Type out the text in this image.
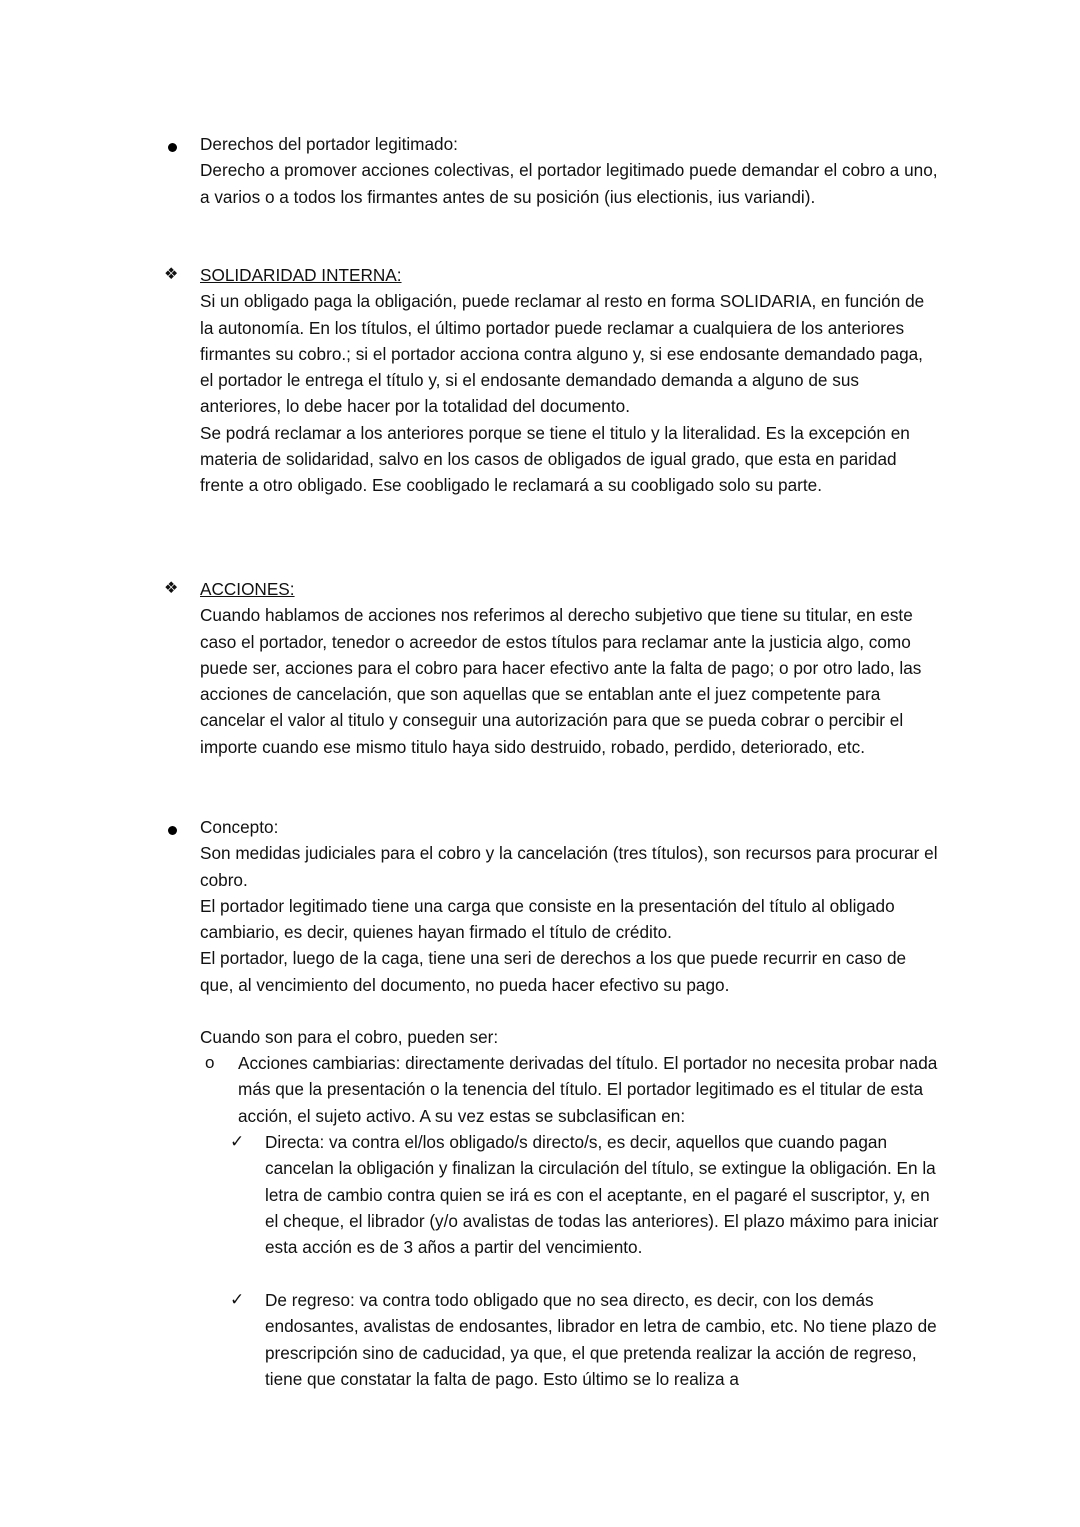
Derechos del portador legitimado:

Derecho a promover acciones colectivas, el portador legitimado puede demandar el cobro a uno, a varios o a todos los firmantes antes de su posición (ius electionis, ius variandi).

❖ SOLIDARIDAD INTERNA:

Si un obligado paga la obligación, puede reclamar al resto en forma SOLIDARIA, en función de la autonomía. En los títulos, el último portador puede reclamar a cualquiera de los anteriores firmantes su cobro.; si el portador acciona contra alguno y, si ese endosante demandado paga, el portador le entrega el título y, si el endosante demandado demanda a alguno de sus anteriores, lo debe hacer por la totalidad del documento.

Se podrá reclamar a los anteriores porque se tiene el titulo y la literalidad. Es la excepción en materia de solidaridad, salvo en los casos de obligados de igual grado, que esta en paridad frente a otro obligado. Ese coobligado le reclamará a su coobligado solo su parte.

❖ ACCIONES:

Cuando hablamos de acciones nos referimos al derecho subjetivo que tiene su titular, en este caso el portador, tenedor o acreedor de estos títulos para reclamar ante la justicia algo, como puede ser, acciones para el cobro para hacer efectivo ante la falta de pago; o por otro lado, las acciones de cancelación, que son aquellas que se entablan ante el juez competente para cancelar el valor al titulo y conseguir una autorización para que se pueda cobrar o percibir el importe cuando ese mismo titulo haya sido destruido, robado, perdido, deteriorado, etc.

Concepto:

Son medidas judiciales para el cobro y la cancelación (tres títulos), son recursos para procurar el cobro.

El portador legitimado tiene una carga que consiste en la presentación del título al obligado cambiario, es decir, quienes hayan firmado el título de crédito.

El portador, luego de la caga, tiene una seri de derechos a los que puede recurrir en caso de que, al vencimiento del documento, no pueda hacer efectivo su pago.

Cuando son para el cobro, pueden ser:

o Acciones cambiarias: directamente derivadas del título. El portador no necesita probar nada más que la presentación o la tenencia del título. El portador legitimado es el titular de esta acción, el sujeto activo. A su vez estas se subclasifican en:

✓ Directa: va contra el/los obligado/s directo/s, es decir, aquellos que cuando pagan cancelan la obligación y finalizan la circulación del título, se extingue la obligación. En la letra de cambio contra quien se irá es con el aceptante, en el pagaré el suscriptor, y, en el cheque, el librador (y/o avalistas de todas las anteriores). El plazo máximo para iniciar esta acción es de 3 años a partir del vencimiento.

✓ De regreso: va contra todo obligado que no sea directo, es decir, con los demás endosantes, avalistas de endosantes, librador en letra de cambio, etc. No tiene plazo de prescripción sino de caducidad, ya que, el que pretenda realizar la acción de regreso, tiene que constatar la falta de pago. Esto último se lo realiza a
